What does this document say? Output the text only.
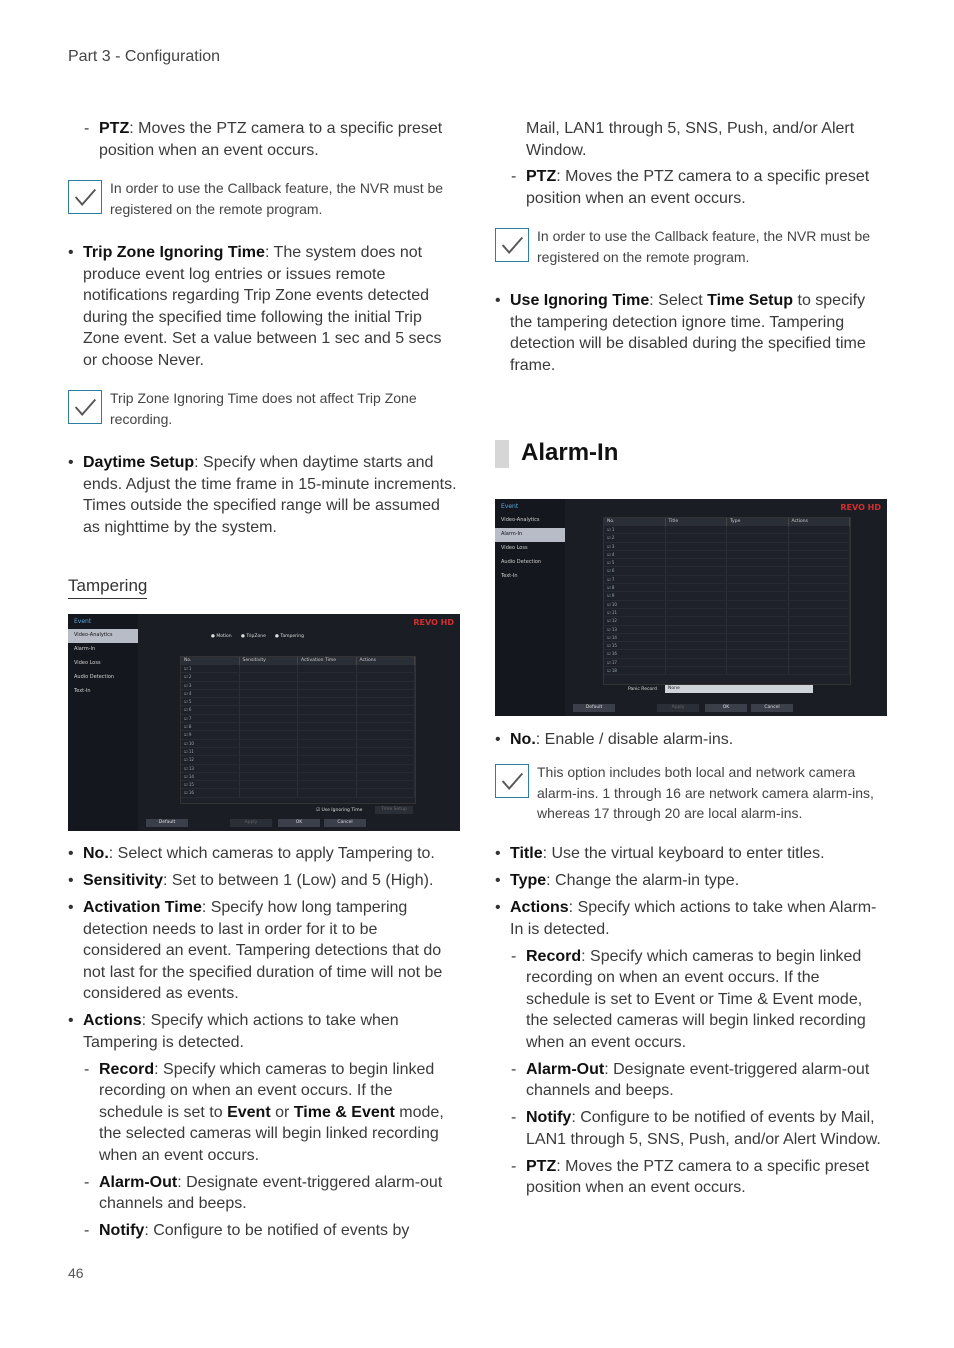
Part 3 - Configuration
- PTZ: Moves the PTZ camera to a specific preset position when an event occurs.
In order to use the Callback feature, the NVR must be registered on the remote program.
• Trip Zone Ignoring Time: The system does not produce event log entries or issues remote notifications regarding Trip Zone events detected during the specified time following the initial Trip Zone event. Set a value between 1 sec and 5 secs or choose Never.
Trip Zone Ignoring Time does not affect Trip Zone recording.
• Daytime Setup: Specify when daytime starts and ends. Adjust the time frame in 15-minute increments. Times outside the specified range will be assumed as nighttime by the system.
Tampering
Event
Video-Analytics
Alarm-In
Video Loss
Audio Detection
Text-In
REVO HD
● Motion ● TripZone ● Tampering
No.	Sensitivity	Activation Time	Actions
☑ 1
☑ 2
☑ 3
☑ 4
☑ 5
☑ 6
☑ 7
☑ 8
☑ 9
☑ 10
☑ 11
☑ 12
☑ 13
☑ 14
☑ 15
☑ 16
☑ Use Ignoring Time	Time Setup
Default	Apply	OK	Cancel
• No.: Select which cameras to apply Tampering to.
• Sensitivity: Set to between 1 (Low) and 5 (High).
• Activation Time: Specify how long tampering detection needs to last in order for it to be considered an event. Tampering detections that do not last for the specified duration of time will not be considered as events.
• Actions: Specify which actions to take when Tampering is detected.
- Record: Specify which cameras to begin linked recording on when an event occurs. If the schedule is set to Event or Time & Event mode, the selected cameras will begin linked recording when an event occurs.
- Alarm-Out: Designate event-triggered alarm-out channels and beeps.
- Notify: Configure to be notified of events by
Mail, LAN1 through 5, SNS, Push, and/or Alert Window.
- PTZ: Moves the PTZ camera to a specific preset position when an event occurs.
In order to use the Callback feature, the NVR must be registered on the remote program.
• Use Ignoring Time: Select Time Setup to specify the tampering detection ignore time. Tampering detection will be disabled during the specified time frame.
Alarm-In
Event
Video-Analytics
Alarm-In
Video Loss
Audio Detection
Text-In
REVO HD
No.	Title	Type	Actions
☑ 1
☑ 2
☑ 3
☑ 4
☑ 5
☑ 6
☑ 7
☑ 8
☑ 9
☑ 10
☑ 11
☑ 12
☑ 13
☑ 14
☑ 15
☑ 16
☑ 17
☑ 18
Panic Record	None
Default	Apply	OK	Cancel
• No.: Enable / disable alarm-ins.
This option includes both local and network camera alarm-ins. 1 through 16 are network camera alarm-ins, whereas 17 through 20 are local alarm-ins.
• Title: Use the virtual keyboard to enter titles.
• Type: Change the alarm-in type.
• Actions: Specify which actions to take when Alarm-In is detected.
- Record: Specify which cameras to begin linked recording on when an event occurs. If the schedule is set to Event or Time & Event mode, the selected cameras will begin linked recording when an event occurs.
- Alarm-Out: Designate event-triggered alarm-out channels and beeps.
- Notify: Configure to be notified of events by Mail, LAN1 through 5, SNS, Push, and/or Alert Window.
- PTZ: Moves the PTZ camera to a specific preset position when an event occurs.
46
